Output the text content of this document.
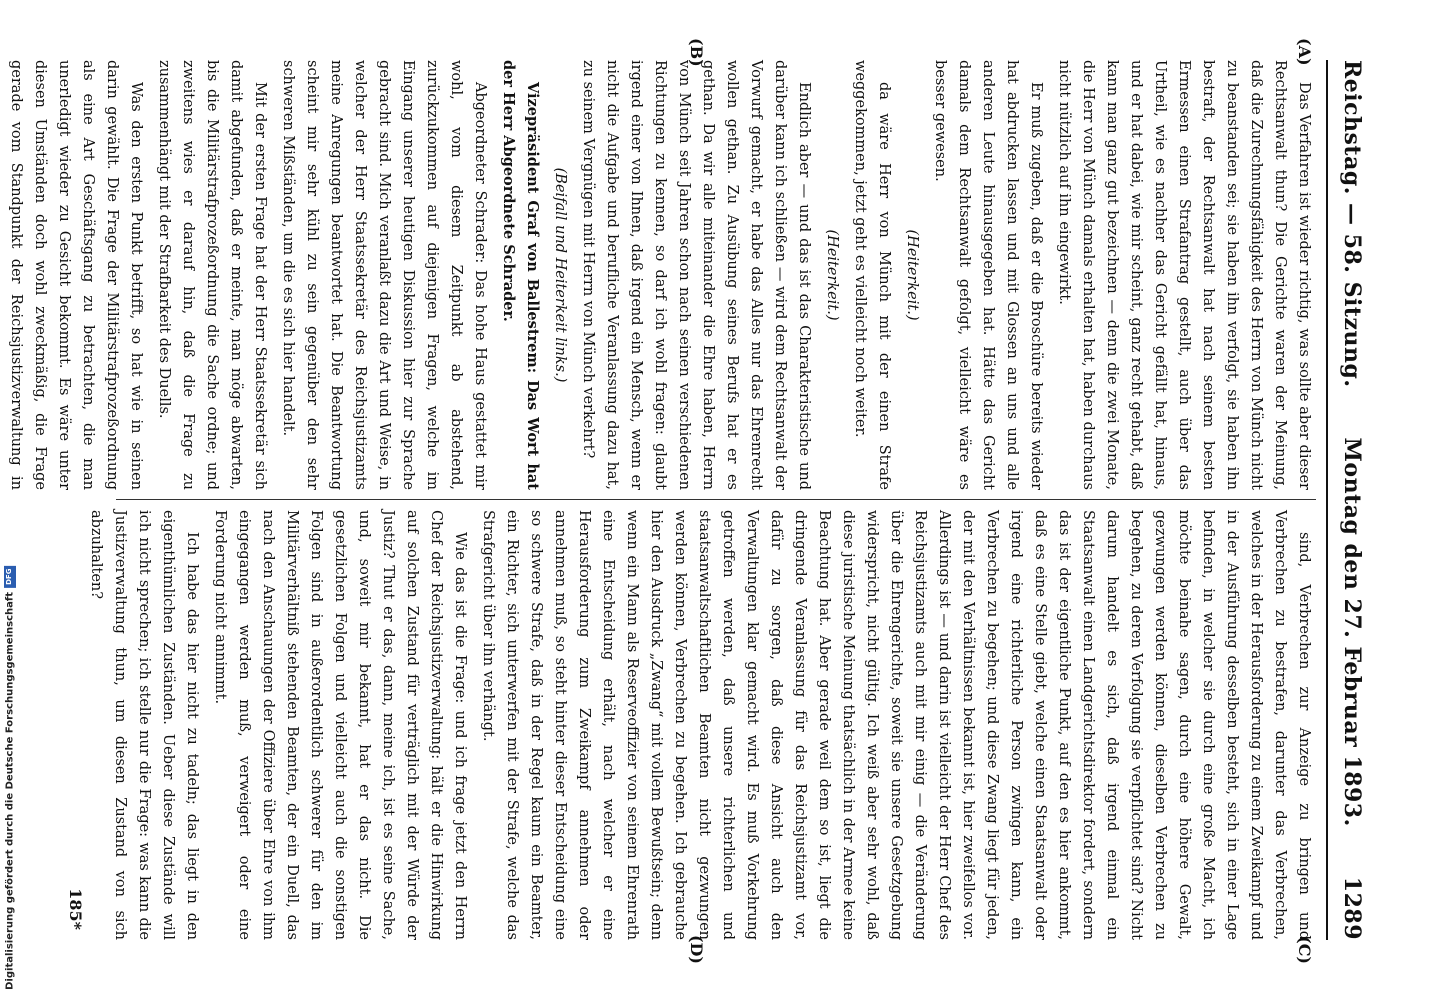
Reichstag. — 58. Sitzung.
Montag den 27. Februar 1893.
1289
(A)
(B)
(C)
(D)

Das Verfahren ist wieder richtig, was sollte aber dieser Rechtsanwalt thun? Die Gerichte waren der Meinung, daß die Zurechnungsfähigkeit des Herrn von Münch nicht zu beanstanden sei; sie haben ihn verfolgt, sie haben ihn bestraft, der Rechtsanwalt hat nach seinem besten Ermessen einen Strafantrag gestellt, auch über das Urtheil, wie es nachher das Gericht gefällt hat, hinaus, und er hat dabei, wie mir scheint, ganz recht gehabt, daß kann man ganz gut bezeichnen — denn die zwei Monate, die Herr von Münch damals erhalten hat, haben durchaus nicht nützlich auf ihn eingewirkt.

Er muß zugeben, daß er die Broschüre bereits wieder hat abdrucken lassen und mit Glossen an uns und alle anderen Leute hinausgegeben hat. Hätte das Gericht damals dem Rechtsanwalt gefolgt, vielleicht wäre es besser gewesen.

(Heiterkeit.)

da wäre Herr von Münch mit der einen Strafe weggekommen, jetzt geht es vielleicht noch weiter.

(Heiterkeit.)

Endlich aber — und das ist das Charakteristische und darüber kann ich schließen — wird dem Rechtsanwalt der Vorwurf gemacht, er habe das Alles nur das Ehrenrecht wollen gethan. Zu Ausübung seines Berufs hat er es gethan. Da wir alle miteinander die Ehre haben, Herrn von Münch seit Jahren schon nach seinen verschiedenen Richtungen zu kennen, so darf ich wohl fragen: glaubt irgend einer von Ihnen, daß irgend ein Mensch, wenn er nicht die Aufgabe und berufliche Veranlassung dazu hat, zu seinem Vergnügen mit Herrn von Münch verkehrt?

(Beifall und Heiterkeit links.)

Vizepräsident Graf von Ballestrem: Das Wort hat der Herr Abgeordnete Schrader.

Abgeordneter Schrader: Das hohe Haus gestattet mir wohl, vom diesem Zeitpunkt ab abstehend, zurückzukommen auf diejenigen Fragen, welche im Eingang unserer heutigen Diskussion hier zur Sprache gebracht sind. Mich veranlaßt dazu die Art und Weise, in welcher der Herr Staatssekretär des Reichsjustizamts meine Anregungen beantwortet hat. Die Beantwortung scheint mir sehr kühl zu sein gegenüber den sehr schweren Mißständen, um die es sich hier handelt.

Mit der ersten Frage hat der Herr Staatssekretär sich damit abgefunden, daß er meinte, man möge abwarten, bis die Militärstrafprozeßordnung die Sache ordne; und zweitens wies er darauf hin, daß die Frage zu zusammenhängt mit der Strafbarkeit des Duells.

Was den ersten Punkt betrifft, so hat wie in seinen darin gewählt. Die Frage der Militärstrafprozeßordnung als eine Art Geschäftsgang zu betrachten, die man unerledigt wieder zu Gesicht bekommt. Es wäre unter diesen Umständen doch wohl zweckmäßig, die Frage gerade vom Standpunkt der Reichsjustizverwaltung in

sind, Verbrechen zur Anzeige zu bringen und Verbrechen zu bestrafen, darunter das Verbrechen, welches in der Herausforderung zu einem Zweikampf und in der Ausführung desselben besteht, sich in einer Lage befinden, in welcher sie durch eine große Macht, ich möchte beinahe sagen, durch eine höhere Gewalt, gezwungen werden können, dieselben Verbrechen zu begehen, zu deren Verfolgung sie verpflichtet sind? Nicht darum handelt es sich, daß irgend einmal ein Staatsanwalt einen Landgerichtsdirektor fordert, sondern das ist der eigentliche Punkt, auf den es hier ankommt, daß es eine Stelle giebt, welche einen Staatsanwalt oder irgend eine richterliche Person zwingen kann, ein Verbrechen zu begehen; und diese Zwang liegt für jeden, der mit den Verhältnissen bekannt ist, hier zweifellos vor. Allerdings ist — und darin ist vielleicht der Herr Chef des Reichsjustizamts auch mit mir einig — die Veränderung über die Ehrengerichte, soweit sie unsere Gesetzgebung widerspricht, nicht gültig. Ich weiß aber sehr wohl, daß diese juristische Meinung thatsächlich in der Armee keine Beachtung hat. Aber gerade weil dem so ist, liegt die dringende Veranlassung für das Reichsjustizamt vor, dafür zu sorgen, daß diese Ansicht auch den Verwaltungen klar gemacht wird. Es muß Vorkehrung getroffen werden, daß unsere richterlichen und staatsanwaltschaftlichen Beamten nicht gezwungen werden können, Verbrechen zu begehen. Ich gebrauche hier den Ausdruck „Zwang“ mit vollem Bewußtsein; denn wenn ein Mann als Reserveoffizier von seinem Ehrenrath eine Entscheidung erhält, nach welcher er eine Herausforderung zum Zweikampf annehmen oder annehmen muß, so steht hinter dieser Entscheidung eine so schwere Strafe, daß in der Regel kaum ein Beamter, ein Richter, sich unterwerfen mit der Strafe, welche das Strafgericht über ihn verhängt.

Wie das ist die Frage: und ich frage jetzt den Herrn Chef der Reichsjustizverwaltung: hält er die Hinwirkung auf solchen Zustand für verträglich mit der Würde der Justiz? Thut er das, dann, meine ich, ist es seine Sache, und, soweit mir bekannt, hat er das nicht. Die gesetzlichen Folgen und vielleicht auch die sonstigen Folgen sind in außerordentlich schwerer für den im Militärverhältniß stehenden Beamten, der ein Duell, das nach den Anschauungen der Offiziere über Ehre von ihm eingegangen werden muß, verweigert oder eine Forderung nicht annimmt.

Ich habe das hier nicht zu tadeln; das liegt in den eigenthümlichen Zuständen. Ueber diese Zustände will ich nicht sprechen; ich stelle nur die Frage: was kann die Justizverwaltung thun, um diesen Zustand von sich abzuhalten?

185*
Digitalisierung gefördert durch die Deutsche Forschungsgemeinschaft
DFG
